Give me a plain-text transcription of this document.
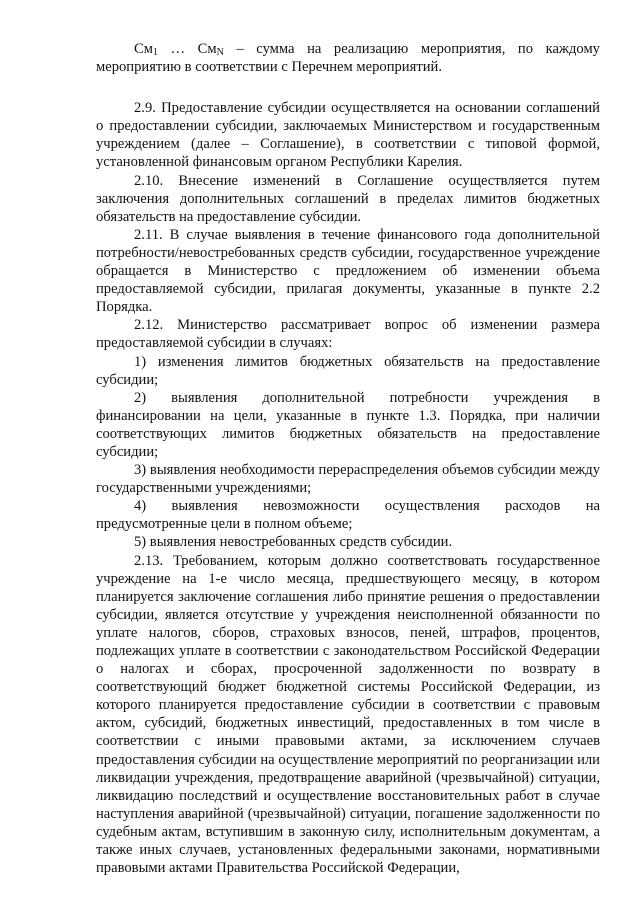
$См_1$ … $См_N$ – сумма на реализацию мероприятия, по каждому мероприятию в соответствии с Перечнем мероприятий.

2.9. Предоставление субсидии осуществляется на основании соглашений о предоставлении субсидии, заключаемых Министерством и государственным учреждением (далее – Соглашение), в соответствии с типовой формой, установленной финансовым органом Республики Карелия.

2.10. Внесение изменений в Соглашение осуществляется путем заключения дополнительных соглашений в пределах лимитов бюджетных обязательств на предоставление субсидии.

2.11. В случае выявления в течение финансового года дополнительной потребности/невостребованных средств субсидии, государственное учреждение обращается в Министерство с предложением об изменении объема предоставляемой субсидии, прилагая документы, указанные в пункте 2.2 Порядка.

2.12. Министерство рассматривает вопрос об изменении размера предоставляемой субсидии в случаях:

1) изменения лимитов бюджетных обязательств на предоставление субсидии;

2) выявления дополнительной потребности учреждения в финансировании на цели, указанные в пункте 1.3. Порядка, при наличии соответствующих лимитов бюджетных обязательств на предоставление субсидии;

3) выявления необходимости перераспределения объемов субсидии между государственными учреждениями;

4) выявления невозможности осуществления расходов на предусмотренные цели в полном объеме;

5) выявления невостребованных средств субсидии.

2.13. Требованием, которым должно соответствовать государственное учреждение на 1-е число месяца, предшествующего месяцу, в котором планируется заключение соглашения либо принятие решения о предоставлении субсидии, является отсутствие у учреждения неисполненной обязанности по уплате налогов, сборов, страховых взносов, пеней, штрафов, процентов, подлежащих уплате в соответствии с законодательством Российской Федерации о налогах и сборах, просроченной задолженности по возврату в соответствующий бюджет бюджетной системы Российской Федерации, из которого планируется предоставление субсидии в соответствии с правовым актом, субсидий, бюджетных инвестиций, предоставленных в том числе в соответствии с иными правовыми актами, за исключением случаев предоставления субсидии на осуществление мероприятий по реорганизации или ликвидации учреждения, предотвращение аварийной (чрезвычайной) ситуации, ликвидацию последствий и осуществление восстановительных работ в случае наступления аварийной (чрезвычайной) ситуации, погашение задолженности по судебным актам, вступившим в законную силу, исполнительным документам, а также иных случаев, установленных федеральными законами, нормативными правовыми актами Правительства Российской Федерации,
